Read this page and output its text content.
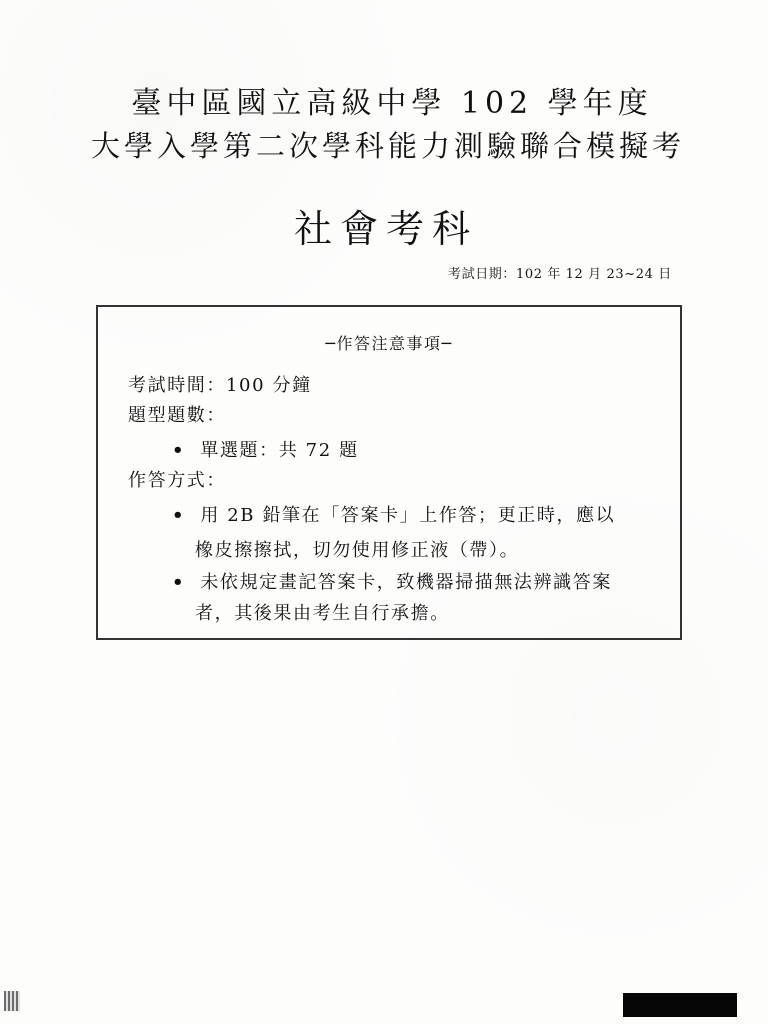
臺中區國立高級中學 102 學年度
大學入學第二次學科能力測驗聯合模擬考
社會考科
考試日期：102 年 12 月 23~24 日
─作答注意事項─
考試時間：100 分鐘
題型題數：
• 單選題：共 72 題
作答方式：
• 用 2B 鉛筆在「答案卡」上作答；更正時，應以
橡皮擦擦拭，切勿使用修正液（帶）。
• 未依規定畫記答案卡，致機器掃描無法辨識答案
者，其後果由考生自行承擔。
